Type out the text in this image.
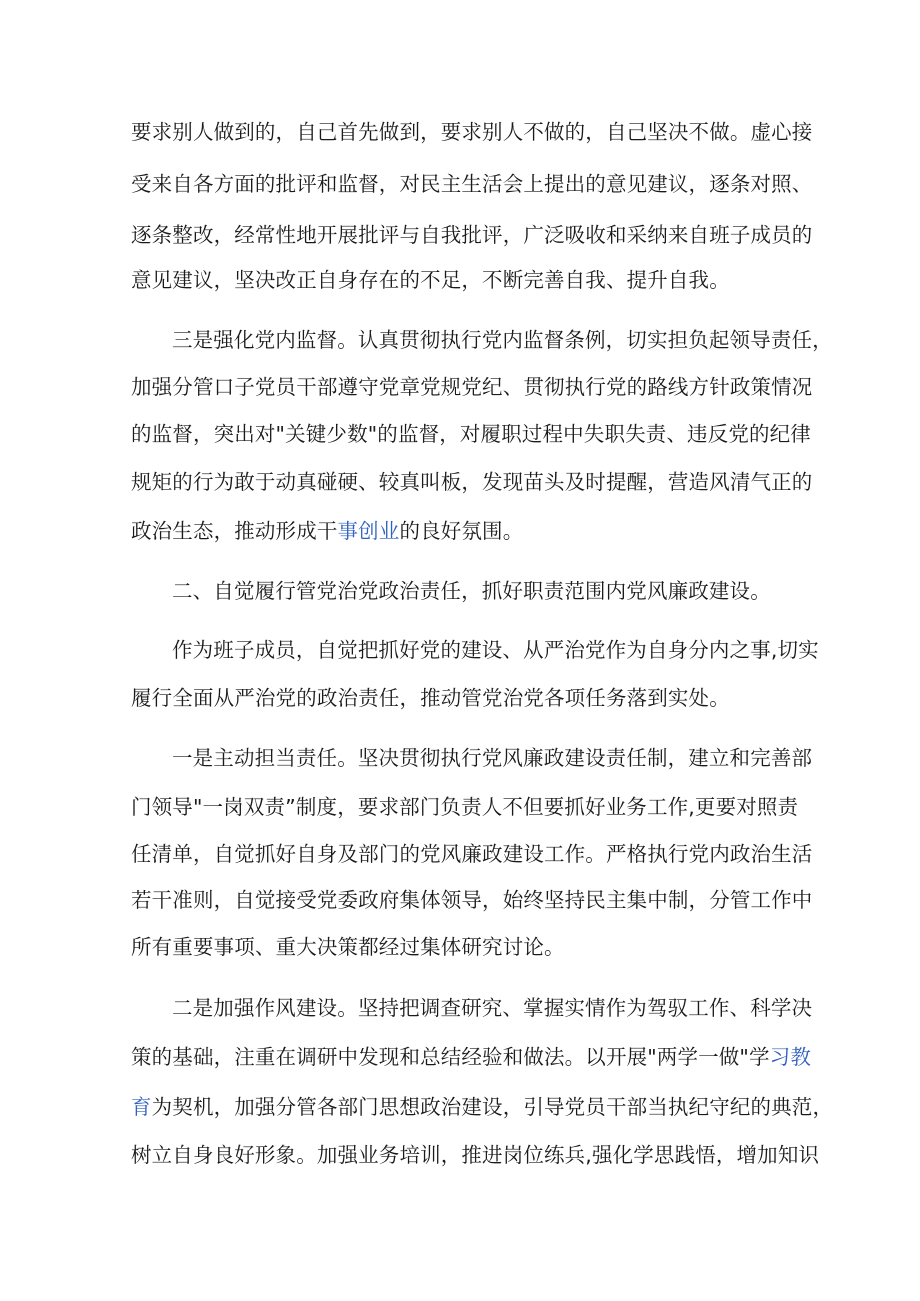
要求别人做到的，自己首先做到，要求别人不做的，自己坚决不做。虚心接
受来自各方面的批评和监督，对民主生活会上提出的意见建议，逐条对照、
逐条整改，经常性地开展批评与自我批评，广泛吸收和采纳来自班子成员的
意见建议，坚决改正自身存在的不足，不断完善自我、提升自我。
三是强化党内监督。认真贯彻执行党内监督条例，切实担负起领导责任，
加强分管口子党员干部遵守党章党规党纪、贯彻执行党的路线方针政策情况
的监督，突出对"关键少数"的监督，对履职过程中失职失责、违反党的纪律
规矩的行为敢于动真碰硬、较真叫板，发现苗头及时提醒，营造风清气正的
政治生态，推动形成干事创业的良好氛围。
二、自觉履行管党治党政治责任，抓好职责范围内党风廉政建设。
作为班子成员，自觉把抓好党的建设、从严治党作为自身分内之事,切实
履行全面从严治党的政治责任，推动管党治党各项任务落到实处。
一是主动担当责任。坚决贯彻执行党风廉政建设责任制，建立和完善部
门领导"一岗双责”制度，要求部门负责人不但要抓好业务工作,更要对照责
任清单，自觉抓好自身及部门的党风廉政建设工作。严格执行党内政治生活
若干准则，自觉接受党委政府集体领导，始终坚持民主集中制，分管工作中
所有重要事项、重大决策都经过集体研究讨论。
二是加强作风建设。坚持把调查研究、掌握实情作为驾驭工作、科学决
策的基础，注重在调研中发现和总结经验和做法。以开展"两学一做"学习教
育为契机，加强分管各部门思想政治建设，引导党员干部当执纪守纪的典范，
树立自身良好形象。加强业务培训，推进岗位练兵,强化学思践悟，增加知识
